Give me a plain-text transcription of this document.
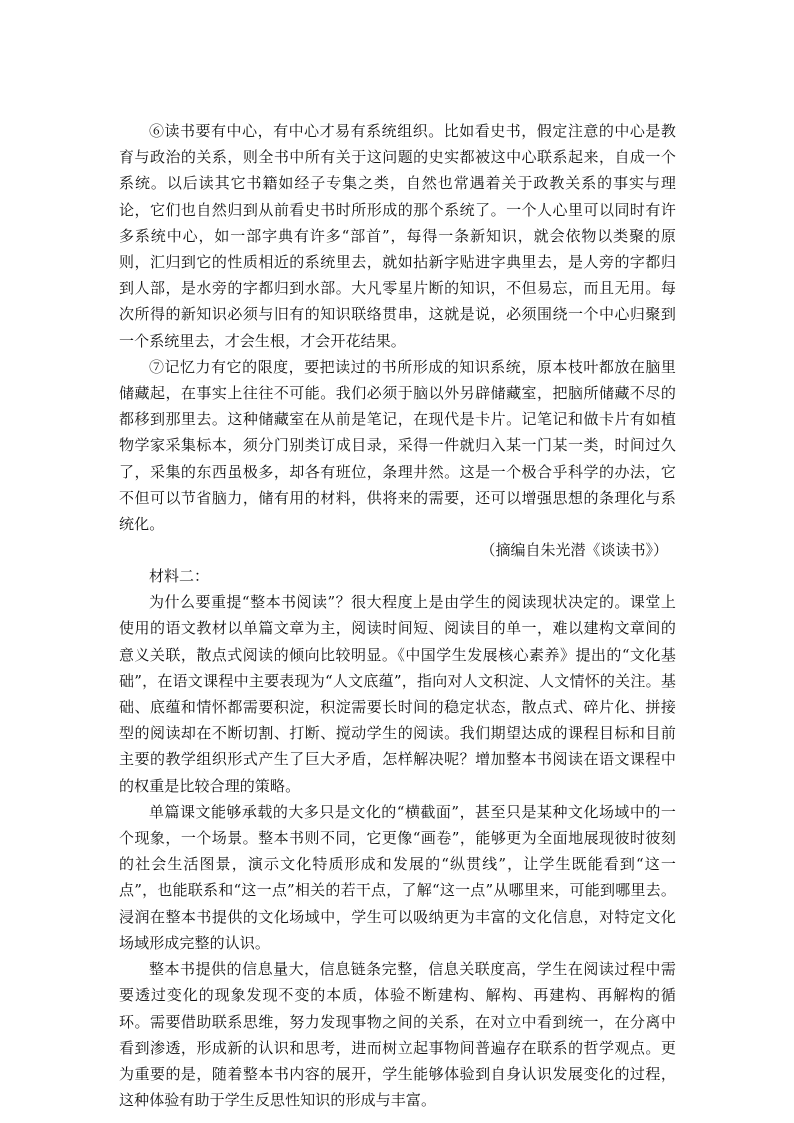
⑥读书要有中心，有中心才易有系统组织。比如看史书，假定注意的中心是教育与政治的关系，则全书中所有关于这问题的史实都被这中心联系起来，自成一个系统。以后读其它书籍如经子专集之类，自然也常遇着关于政教关系的事实与理论，它们也自然归到从前看史书时所形成的那个系统了。一个人心里可以同时有许多系统中心，如一部字典有许多“部首”，每得一条新知识，就会依物以类聚的原则，汇归到它的性质相近的系统里去，就如拈新字贴进字典里去，是人旁的字都归到人部，是水旁的字都归到水部。大凡零星片断的知识，不但易忘，而且无用。每次所得的新知识必须与旧有的知识联络贯串，这就是说，必须围绕一个中心归聚到一个系统里去，才会生根，才会开花结果。

⑦记忆力有它的限度，要把读过的书所形成的知识系统，原本枝叶都放在脑里储藏起，在事实上往往不可能。我们必须于脑以外另辟储藏室，把脑所储藏不尽的都移到那里去。这种储藏室在从前是笔记，在现代是卡片。记笔记和做卡片有如植物学家采集标本，须分门别类订成目录，采得一件就归入某一门某一类，时间过久了，采集的东西虽极多，却各有班位，条理井然。这是一个极合乎科学的办法，它不但可以节省脑力，储有用的材料，供将来的需要，还可以增强思想的条理化与系统化。

（摘编自朱光潜《谈读书》）

材料二：

为什么要重提“整本书阅读”？很大程度上是由学生的阅读现状决定的。课堂上使用的语文教材以单篇文章为主，阅读时间短、阅读目的单一，难以建构文章间的意义关联，散点式阅读的倾向比较明显。《中国学生发展核心素养》提出的“文化基础”，在语文课程中主要表现为“人文底蕴”，指向对人文积淀、人文情怀的关注。基础、底蕴和情怀都需要积淀，积淀需要长时间的稳定状态，散点式、碎片化、拼接型的阅读却在不断切割、打断、搅动学生的阅读。我们期望达成的课程目标和目前主要的教学组织形式产生了巨大矛盾，怎样解决呢？增加整本书阅读在语文课程中的权重是比较合理的策略。

单篇课文能够承载的大多只是文化的“横截面”，甚至只是某种文化场域中的一个现象，一个场景。整本书则不同，它更像“画卷”，能够更为全面地展现彼时彼刻的社会生活图景，演示文化特质形成和发展的“纵贯线”，让学生既能看到“这一点”，也能联系和“这一点”相关的若干点，了解“这一点”从哪里来，可能到哪里去。浸润在整本书提供的文化场域中，学生可以吸纳更为丰富的文化信息，对特定文化场域形成完整的认识。

整本书提供的信息量大，信息链条完整，信息关联度高，学生在阅读过程中需要透过变化的现象发现不变的本质，体验不断建构、解构、再建构、再解构的循环。需要借助联系思维，努力发现事物之间的关系，在对立中看到统一，在分离中看到渗透，形成新的认识和思考，进而树立起事物间普遍存在联系的哲学观点。更为重要的是，随着整本书内容的展开，学生能够体验到自身认识发展变化的过程，这种体验有助于学生反思性知识的形成与丰富。
